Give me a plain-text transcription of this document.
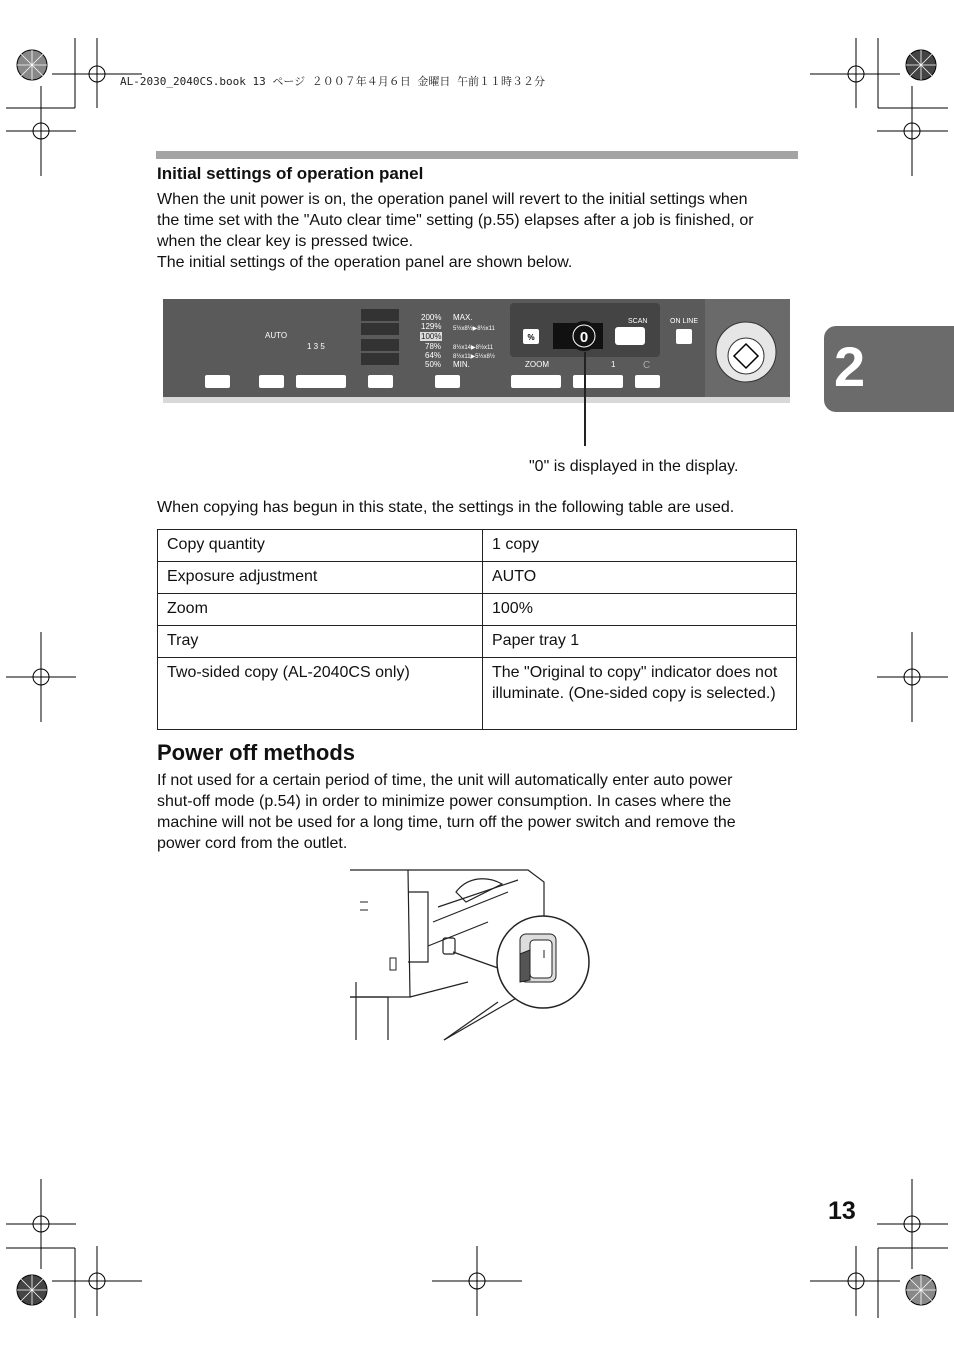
AL-2030_2040CS.book 13 ページ ２００７年４月６日 金曜日 午前１１時３２分
Initial settings of operation panel
When the unit power is on, the operation panel will revert to the initial settings when
the time set with the "Auto clear time" setting (p.55) elapses after a job is finished, or
when the clear key is pressed twice.
The initial settings of the operation panel are shown below.
2
0
AUTO
1 3 5
200%
129%
100%
78%
64%
50%
MAX.
MIN.
5½x8½▶8½x11
8½x14▶8½x11
8½x11▶5½x8½
ZOOM
SCAN	ON LINE
1	C
%
"0" is displayed in the display.
When copying has begun in this state, the settings in the following table are used.
Copy quantity	1 copy
Exposure adjustment	AUTO
Zoom	100%
Tray	Paper tray 1
Two-sided copy (AL-2040CS only)	The "Original to copy" indicator does not illuminate. (One-sided copy is selected.)
Power off methods
If not used for a certain period of time, the unit will automatically enter auto power
shut-off mode (p.54) in order to minimize power consumption. In cases where the
machine will not be used for a long time, turn off the power switch and remove the
power cord from the outlet.
13
